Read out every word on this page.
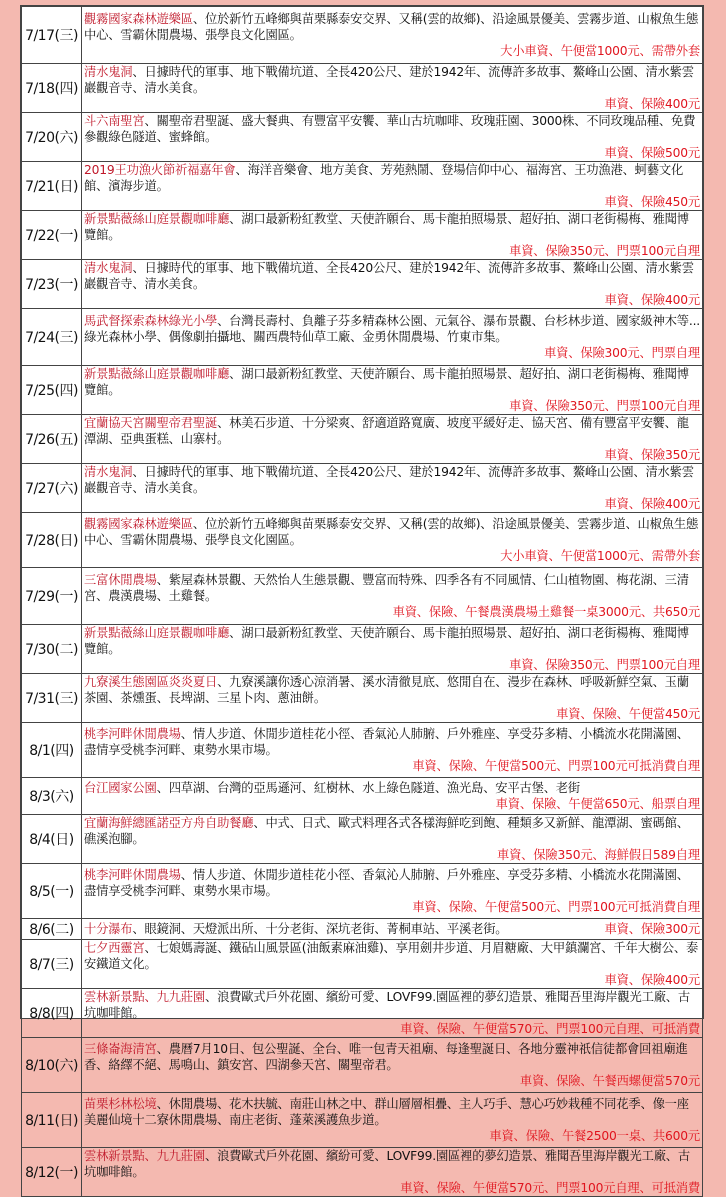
7/17(三)	觀霧國家森林遊樂區、位於新竹五峰鄉與苗栗縣泰安交界、又稱(雲的故鄉)、沿途風景優美、雲霧步道、山椒魚生態中心、雪霸休閒農場、張學良文化園區。
大小車資、午便當1000元、需帶外套

7/18(四)	清水鬼洞、日據時代的軍事、地下戰備坑道、全長420公尺、建於1942年、流傳許多故事、鰲峰山公園、清水紫雲巖觀音寺、清水美食。
車資、保險400元

7/20(六)	斗六南聖宮、關聖帝君聖誕、盛大餐典、有豐富平安饗、華山古坑咖啡、玫瑰莊園、3000株、不同玫瑰品種、免費參觀綠色隧道、蜜蜂館。
車資、保險500元

7/21(日)	2019王功漁火節祈福嘉年會、海洋音樂會、地方美食、芳苑熱鬧、登場信仰中心、福海宮、王功漁港、蚵藝文化館、濱海步道。
車資、保險450元

7/22(一)	新景點薇絲山庭景觀咖啡廳、湖口最新粉紅教堂、天使許願台、馬卡龍拍照場景、超好拍、湖口老街楊梅、雅聞博覽館。
車資、保險350元、門票100元自理

7/23(一)	清水鬼洞、日據時代的軍事、地下戰備坑道、全長420公尺、建於1942年、流傳許多故事、鰲峰山公園、清水紫雲巖觀音寺、清水美食。
車資、保險400元

7/24(三)	馬武督探索森林綠光小學、台灣長壽村、負離子芬多精森林公園、元氣谷、瀑布景觀、台杉林步道、國家級神木等...綠光森林小學、偶像劇拍攝地、關西農特仙草工廠、金勇休閒農場、竹東市集。
車資、保險300元、門票自理

7/25(四)	新景點薇絲山庭景觀咖啡廳、湖口最新粉紅教堂、天使許願台、馬卡龍拍照場景、超好拍、湖口老街楊梅、雅聞博覽館。
車資、保險350元、門票100元自理

7/26(五)	宜蘭協天宮關聖帝君聖誕、林美石步道、十分梁爽、舒適道路寬廣、坡度平緩好走、協天宮、備有豐富平安饗、龍潭湖、亞典蛋糕、山寨村。
車資、保險350元

7/27(六)	清水鬼洞、日據時代的軍事、地下戰備坑道、全長420公尺、建於1942年、流傳許多故事、鰲峰山公園、清水紫雲巖觀音寺、清水美食。
車資、保險400元

7/28(日)	觀霧國家森林遊樂區、位於新竹五峰鄉與苗栗縣泰安交界、又稱(雲的故鄉)、沿途風景優美、雲霧步道、山椒魚生態中心、雪霸休閒農場、張學良文化園區。
大小車資、午便當1000元、需帶外套

7/29(一)	三富休閒農場、紫屋森林景觀、天然怡人生態景觀、豐富而特殊、四季各有不同風情、仁山植物園、梅花湖、三清宮、農漢農場、土雞餐。
車資、保險、午餐農漢農場土雞餐一桌3000元、共650元

7/30(二)	新景點薇絲山庭景觀咖啡廳、湖口最新粉紅教堂、天使許願台、馬卡龍拍照場景、超好拍、湖口老街楊梅、雅聞博覽館。
車資、保險350元、門票100元自理

7/31(三)	九寮溪生態園區炎炎夏日、九寮溪讓你透心涼消暑、溪水清徹見底、悠閒自在、漫步在森林、呼吸新鮮空氣、玉蘭茶園、茶燻蛋、長埤湖、三星卜肉、蔥油餅。
車資、保險、午便當450元

8/1(四)	桃李河畔休閒農場、情人步道、休閒步道桂花小徑、香氣沁人肺腑、戶外雅座、享受芬多精、小橋流水花開滿園、盡情享受桃李河畔、東勢水果市場。
車資、保險、午便當500元、門票100元可抵消費自理

8/3(六)	台江國家公園、四草湖、台灣的亞馬遜河、紅樹林、水上綠色隧道、漁光島、安平古堡、老街
車資、保險、午便當650元、船票自理

8/4(日)	宜蘭海鮮總匯諾亞方舟自助餐廳、中式、日式、歐式料理各式各樣海鮮吃到飽、種類多又新鮮、龍潭湖、蜜碼館、礁溪泡腳。
車資、保險350元、海鮮假日589自理

8/5(一)	桃李河畔休閒農場、情人步道、休閒步道桂花小徑、香氣沁人肺腑、戶外雅座、享受芬多精、小橋流水花開滿園、盡情享受桃李河畔、東勢水果市場。
車資、保險、午便當500元、門票100元可抵消費自理

8/6(二)	車資、保險300元
十分瀑布、眼鏡洞、天燈派出所、十分老街、深坑老街、菁桐車站、平溪老街。
8/7(三)	七夕西靈宮、七娘媽壽誕、鐵砧山風景區(油飯素麻油雞)、享用劍井步道、月眉糖廠、大甲鎮瀾宮、千年大樹公、泰安鐵道文化。
車資、保險400元

8/8(四)	雲林新景點、九九莊園、浪費歐式戶外花園、繽紛可愛、LOVF99.園區裡的夢幻造景、雅聞吾里海岸觀光工廠、古坑咖啡館。
車資、保險、午便當570元、門票100元自理、可抵消費

8/10(六)	三條崙海清宮、農曆7月10日、包公聖誕、全台、唯一包青天祖廟、每逢聖誕日、各地分靈神祇信徒都會回祖廟進香、絡繹不絕、馬鳴山、鎮安宮、四湖參天宮、關聖帝君。
車資、保險、午餐西螺便當570元

8/11(日)	苗栗杉林松境、休閒農場、花木扶毓、南莊山林之中、群山層層相疊、主人巧手、慧心巧妙栽種不同花季、像一座美麗仙境十二寮休閒農場、南庄老街、蓬萊溪護魚步道。
車資、保險、午餐2500一桌、共600元

8/12(一)	雲林新景點、九九莊園、浪費歐式戶外花園、繽紛可愛、LOVF99.園區裡的夢幻造景、雅聞吾里海岸觀光工廠、古坑咖啡館。
車資、保險、午便當570元、門票100元自理、可抵消費
